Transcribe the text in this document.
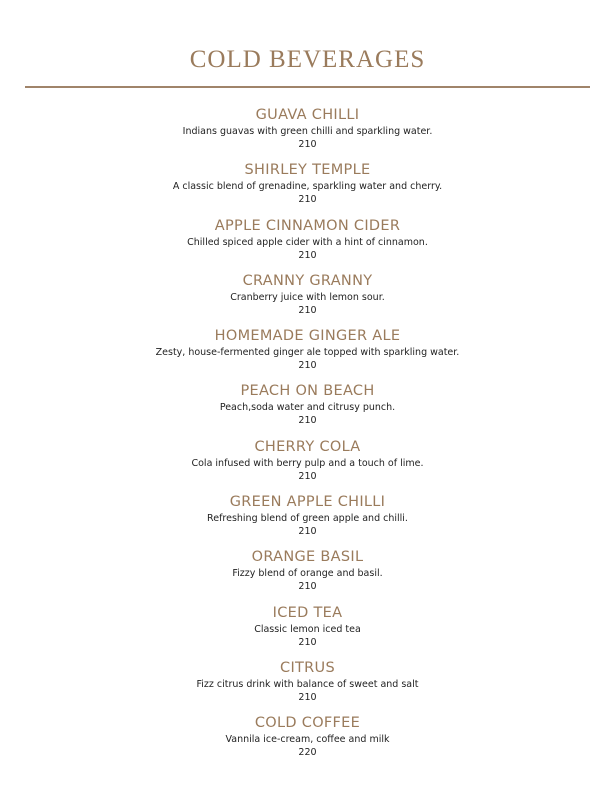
COLD BEVERAGES
GUAVA CHILLI
Indians guavas with green chilli and sparkling water.
210
SHIRLEY TEMPLE
A classic blend of grenadine, sparkling water and cherry.
210
APPLE CINNAMON CIDER
Chilled spiced apple cider with a hint of cinnamon.
210
CRANNY GRANNY
Cranberry juice with lemon sour.
210
HOMEMADE GINGER ALE
Zesty, house-fermented ginger ale topped with sparkling water.
210
PEACH ON BEACH
Peach,soda water and citrusy punch.
210
CHERRY COLA
Cola infused with berry pulp and a touch of lime.
210
GREEN APPLE CHILLI
Refreshing blend of green apple and chilli.
210
ORANGE BASIL
Fizzy blend of orange and basil.
210
ICED TEA
Classic lemon iced tea
210
CITRUS
Fizz citrus drink with balance of sweet and salt
210
COLD COFFEE
Vannila ice-cream, coffee and milk
220
